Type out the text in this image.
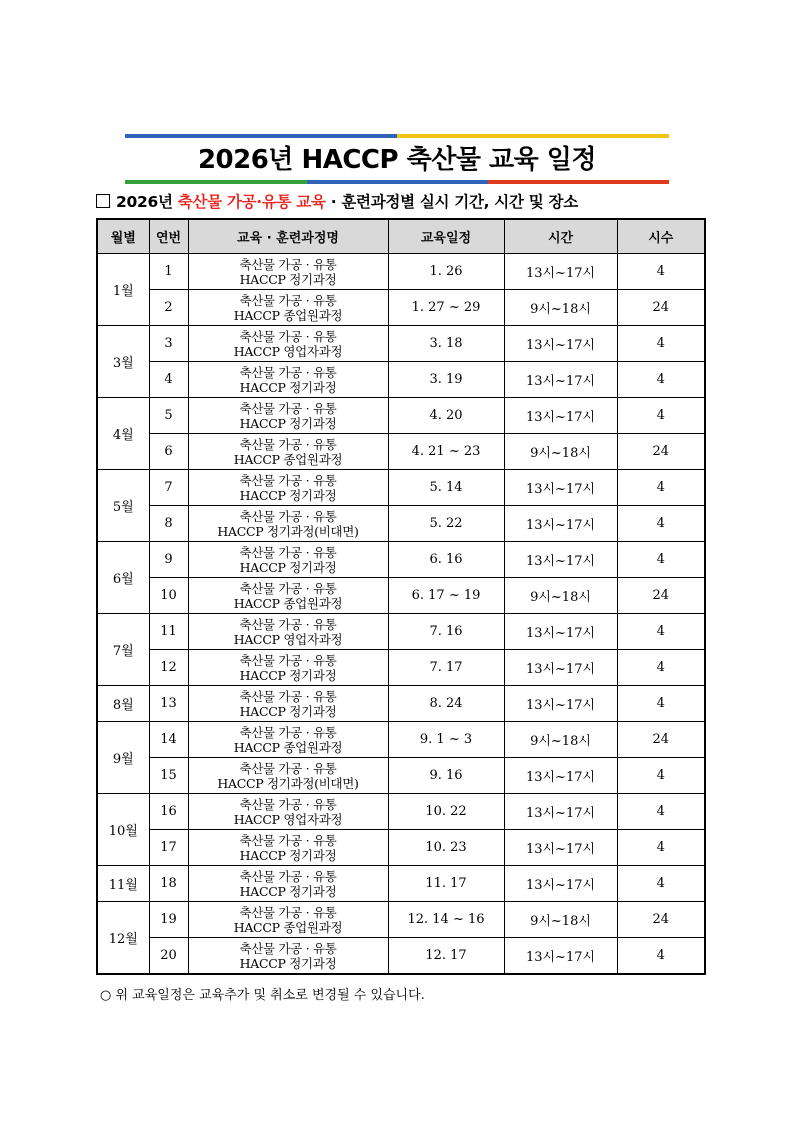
2026년 HACCP 축산물 교육 일정
2026년 축산물 가공·유통 교육 · 훈련과정별 실시 기간, 시간 및 장소
월별	연번	교육 · 훈련과정명	교육일정	시간	시수
1월	1	축산물 가공 · 유통
HACCP 정기과정	1. 26	13시~17시	4
	2	축산물 가공 · 유통
HACCP 종업원과정	1. 27 ~ 29	9시~18시	24
3월	3	축산물 가공 · 유통
HACCP 영업자과정	3. 18	13시~17시	4
	4	축산물 가공 · 유통
HACCP 정기과정	3. 19	13시~17시	4
4월	5	축산물 가공 · 유통
HACCP 정기과정	4. 20	13시~17시	4
	6	축산물 가공 · 유통
HACCP 종업원과정	4. 21 ~ 23	9시~18시	24
5월	7	축산물 가공 · 유통
HACCP 정기과정	5. 14	13시~17시	4
	8	축산물 가공 · 유통
HACCP 정기과정(비대면)	5. 22	13시~17시	4
6월	9	축산물 가공 · 유통
HACCP 정기과정	6. 16	13시~17시	4
	10	축산물 가공 · 유통
HACCP 종업원과정	6. 17 ~ 19	9시~18시	24
7월	11	축산물 가공 · 유통
HACCP 영업자과정	7. 16	13시~17시	4
	12	축산물 가공 · 유통
HACCP 정기과정	7. 17	13시~17시	4
8월	13	축산물 가공 · 유통
HACCP 정기과정	8. 24	13시~17시	4
9월	14	축산물 가공 · 유통
HACCP 종업원과정	9. 1 ~ 3	9시~18시	24
	15	축산물 가공 · 유통
HACCP 정기과정(비대면)	9. 16	13시~17시	4
10월	16	축산물 가공 · 유통
HACCP 영업자과정	10. 22	13시~17시	4
	17	축산물 가공 · 유통
HACCP 정기과정	10. 23	13시~17시	4
11월	18	축산물 가공 · 유통
HACCP 정기과정	11. 17	13시~17시	4
12월	19	축산물 가공 · 유통
HACCP 종업원과정	12. 14 ~ 16	9시~18시	24
	20	축산물 가공 · 유통
HACCP 정기과정	12. 17	13시~17시	4
○ 위 교육일정은 교육추가 및 취소로 변경될 수 있습니다.
